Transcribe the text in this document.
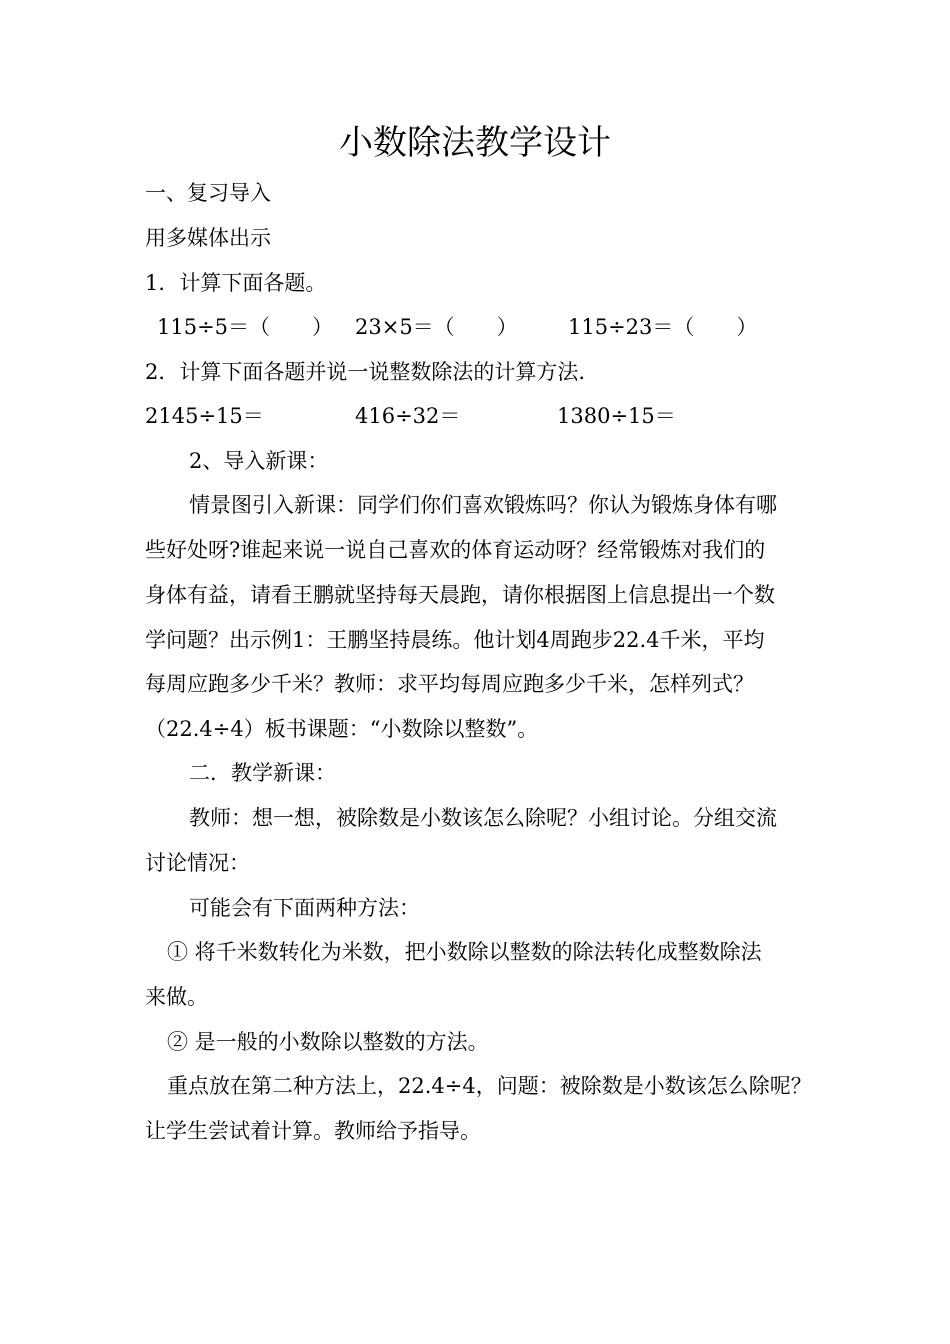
小数除法教学设计
一、复习导入
用多媒体出示
1．计算下面各题。
115÷5＝（　　） 23×5＝（　　） 115÷23＝（　　）
2．计算下面各题并说一说整数除法的计算方法.
2145÷15＝	416÷32＝	1380÷15＝
2、导入新课：
情景图引入新课：同学们你们喜欢锻炼吗？你认为锻炼身体有哪
些好处呀?谁起来说一说自己喜欢的体育运动呀？经常锻炼对我们的
身体有益，请看王鹏就坚持每天晨跑，请你根据图上信息提出一个数
学问题？出示例1：王鹏坚持晨练。他计划4周跑步22.4千米，平均
每周应跑多少千米？教师：求平均每周应跑多少千米，怎样列式？
（22.4÷4）板书课题：“小数除以整数”。
二．教学新课：
教师：想一想，被除数是小数该怎么除呢？小组讨论。分组交流
讨论情况：
可能会有下面两种方法：
① 将千米数转化为米数，把小数除以整数的除法转化成整数除法
来做。
② 是一般的小数除以整数的方法。
重点放在第二种方法上，22.4÷4，问题：被除数是小数该怎么除呢？
让学生尝试着计算。教师给予指导。
